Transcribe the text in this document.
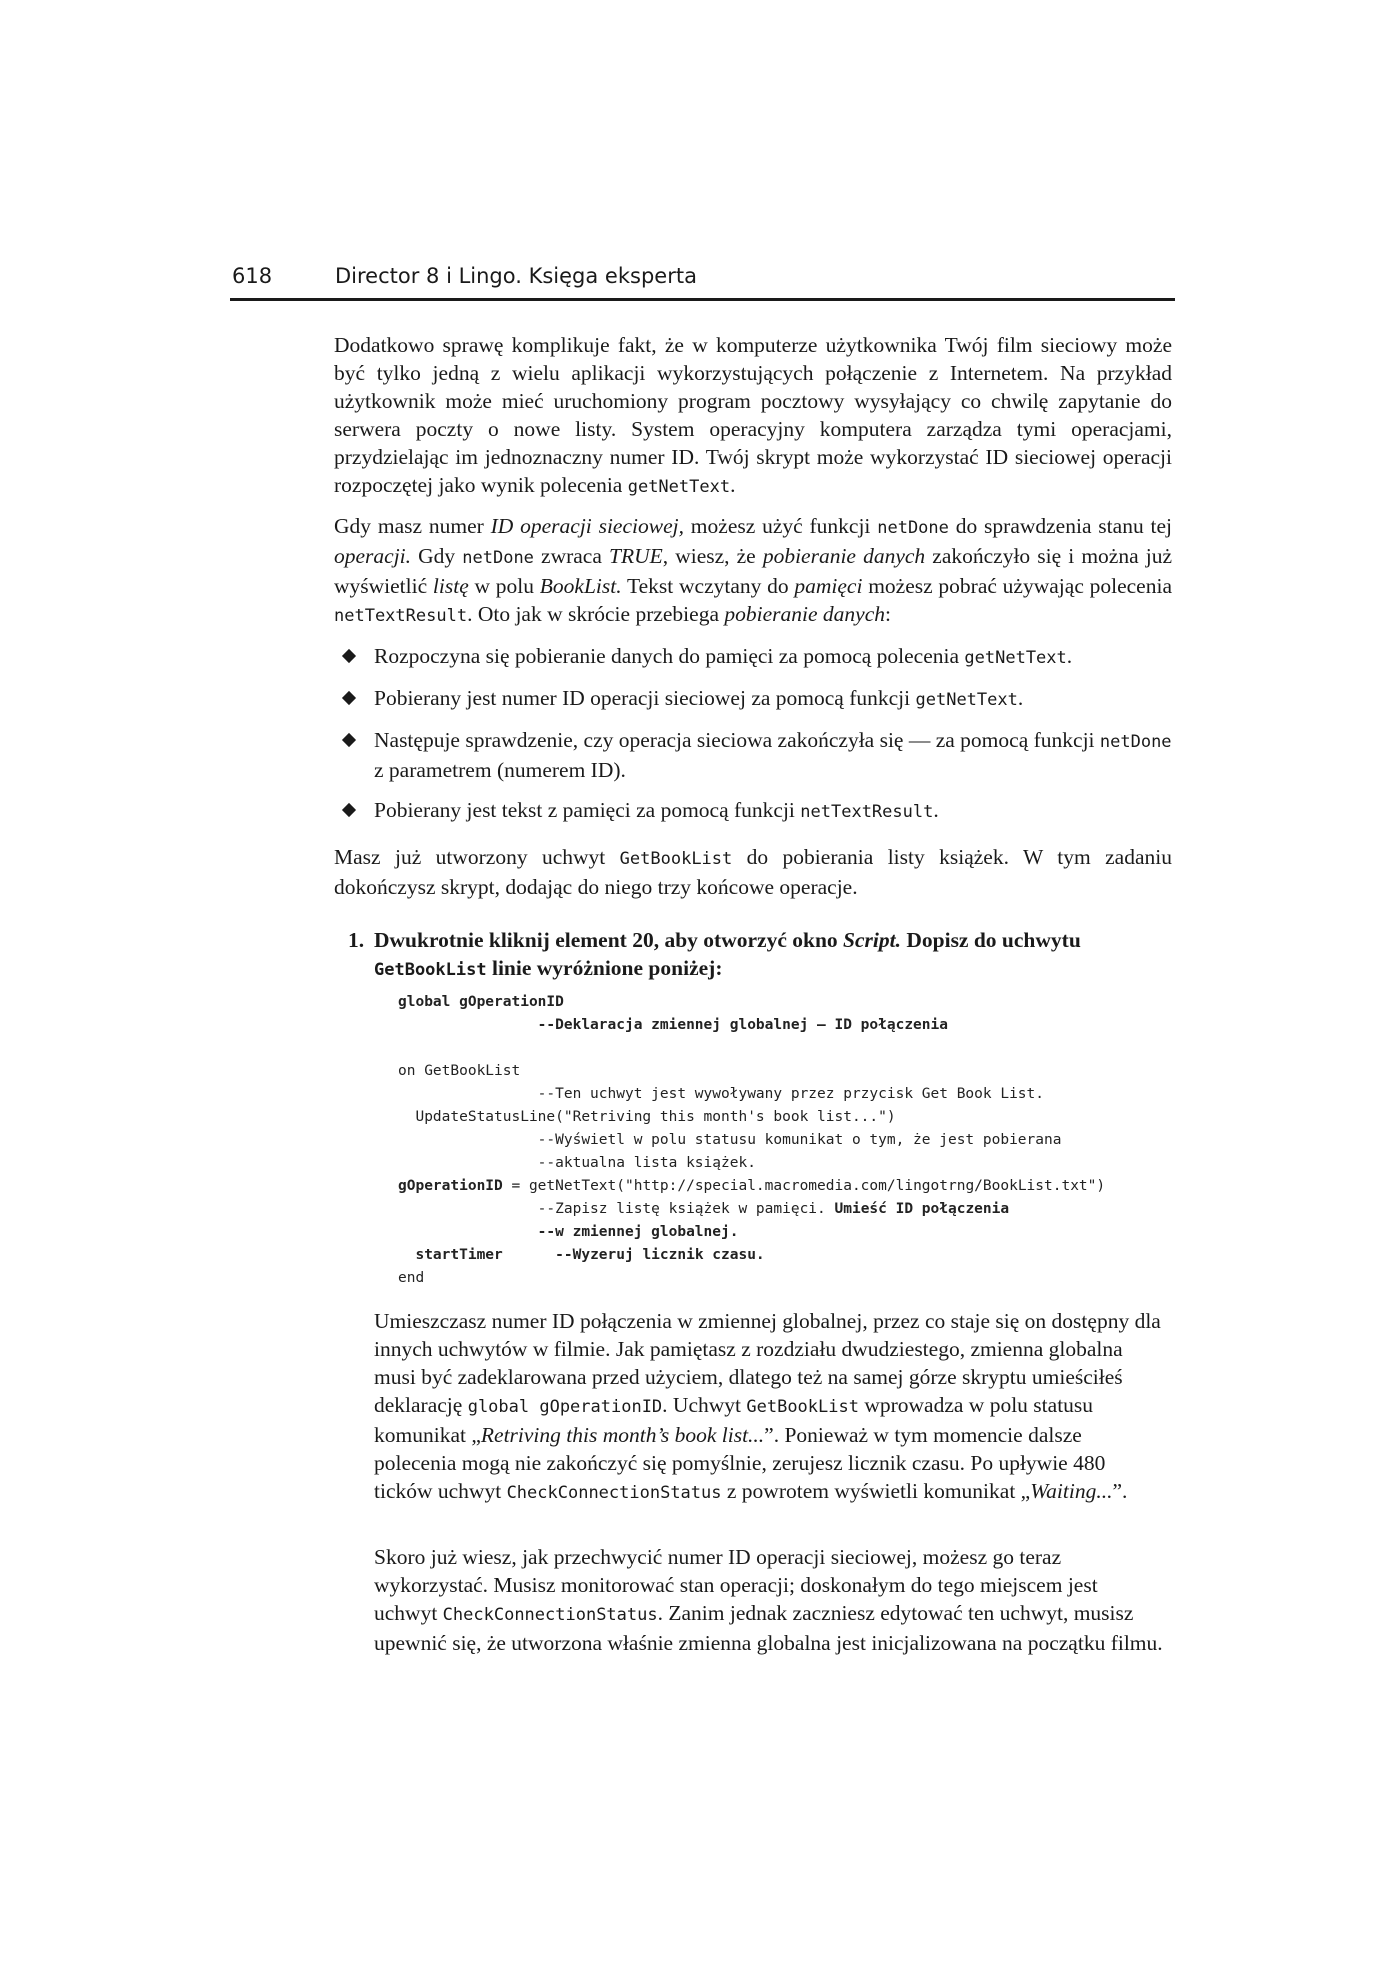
618	Director 8 i Lingo. Księga eksperta

Dodatkowo sprawę komplikuje fakt, że w komputerze użytkownika Twój film sieciowy może być tylko jedną z wielu aplikacji wykorzystujących połączenie z Internetem. Na przykład użytkownik może mieć uruchomiony program pocztowy wysyłający co chwilę zapytanie do serwera poczty o nowe listy. System operacyjny komputera zarządza tymi operacjami, przydzielając im jednoznaczny numer ID. Twój skrypt może wykorzystać ID sieciowej operacji rozpoczętej jako wynik polecenia getNetText.

Gdy masz numer ID operacji sieciowej, możesz użyć funkcji netDone do sprawdzenia stanu tej operacji. Gdy netDone zwraca TRUE, wiesz, że pobieranie danych zakończyło się i można już wyświetlić listę w polu BookList. Tekst wczytany do pamięci możesz pobrać używając polecenia netTextResult. Oto jak w skrócie przebiega pobieranie danych:

Rozpoczyna się pobieranie danych do pamięci za pomocą polecenia getNetText.
Pobierany jest numer ID operacji sieciowej za pomocą funkcji getNetText.
Następuje sprawdzenie, czy operacja sieciowa zakończyła się — za pomocą funkcji netDone z parametrem (numerem ID).
Pobierany jest tekst z pamięci za pomocą funkcji netTextResult.

Masz już utworzony uchwyt GetBookList do pobierania listy książek. W tym zadaniu dokończysz skrypt, dodając do niego trzy końcowe operacje.

1. Dwukrotnie kliknij element 20, aby otworzyć okno Script. Dopisz do uchwytu GetBookList linie wyróżnione poniżej:
global gOperationID
--Deklaracja zmiennej globalnej – ID połączenia

on GetBookList
--Ten uchwyt jest wywoływany przez przycisk Get Book List.
UpdateStatusLine("Retriving this month's book list...")
--Wyświetl w polu statusu komunikat o tym, że jest pobierana
--aktualna lista książek.
gOperationID = getNetText("http://special.macromedia.com/lingotrng/BookList.txt")
--Zapisz listę książek w pamięci. Umieść ID połączenia
--w zmiennej globalnej.
startTimer      --Wyzeruj licznik czasu.
end

Umieszczasz numer ID połączenia w zmiennej globalnej, przez co staje się on dostępny dla innych uchwytów w filmie. Jak pamiętasz z rozdziału dwudziestego, zmienna globalna musi być zadeklarowana przed użyciem, dlatego też na samej górze skryptu umieściłeś deklarację global gOperationID. Uchwyt GetBookList wprowadza w polu statusu komunikat „Retriving this month’s book list...”. Ponieważ w tym momencie dalsze polecenia mogą nie zakończyć się pomyślnie, zerujesz licznik czasu. Po upływie 480 ticków uchwyt CheckConnectionStatus z powrotem wyświetli komunikat „Waiting...”.

Skoro już wiesz, jak przechwycić numer ID operacji sieciowej, możesz go teraz wykorzystać. Musisz monitorować stan operacji; doskonałym do tego miejscem jest uchwyt CheckConnectionStatus. Zanim jednak zaczniesz edytować ten uchwyt, musisz upewnić się, że utworzona właśnie zmienna globalna jest inicjalizowana na początku filmu.
